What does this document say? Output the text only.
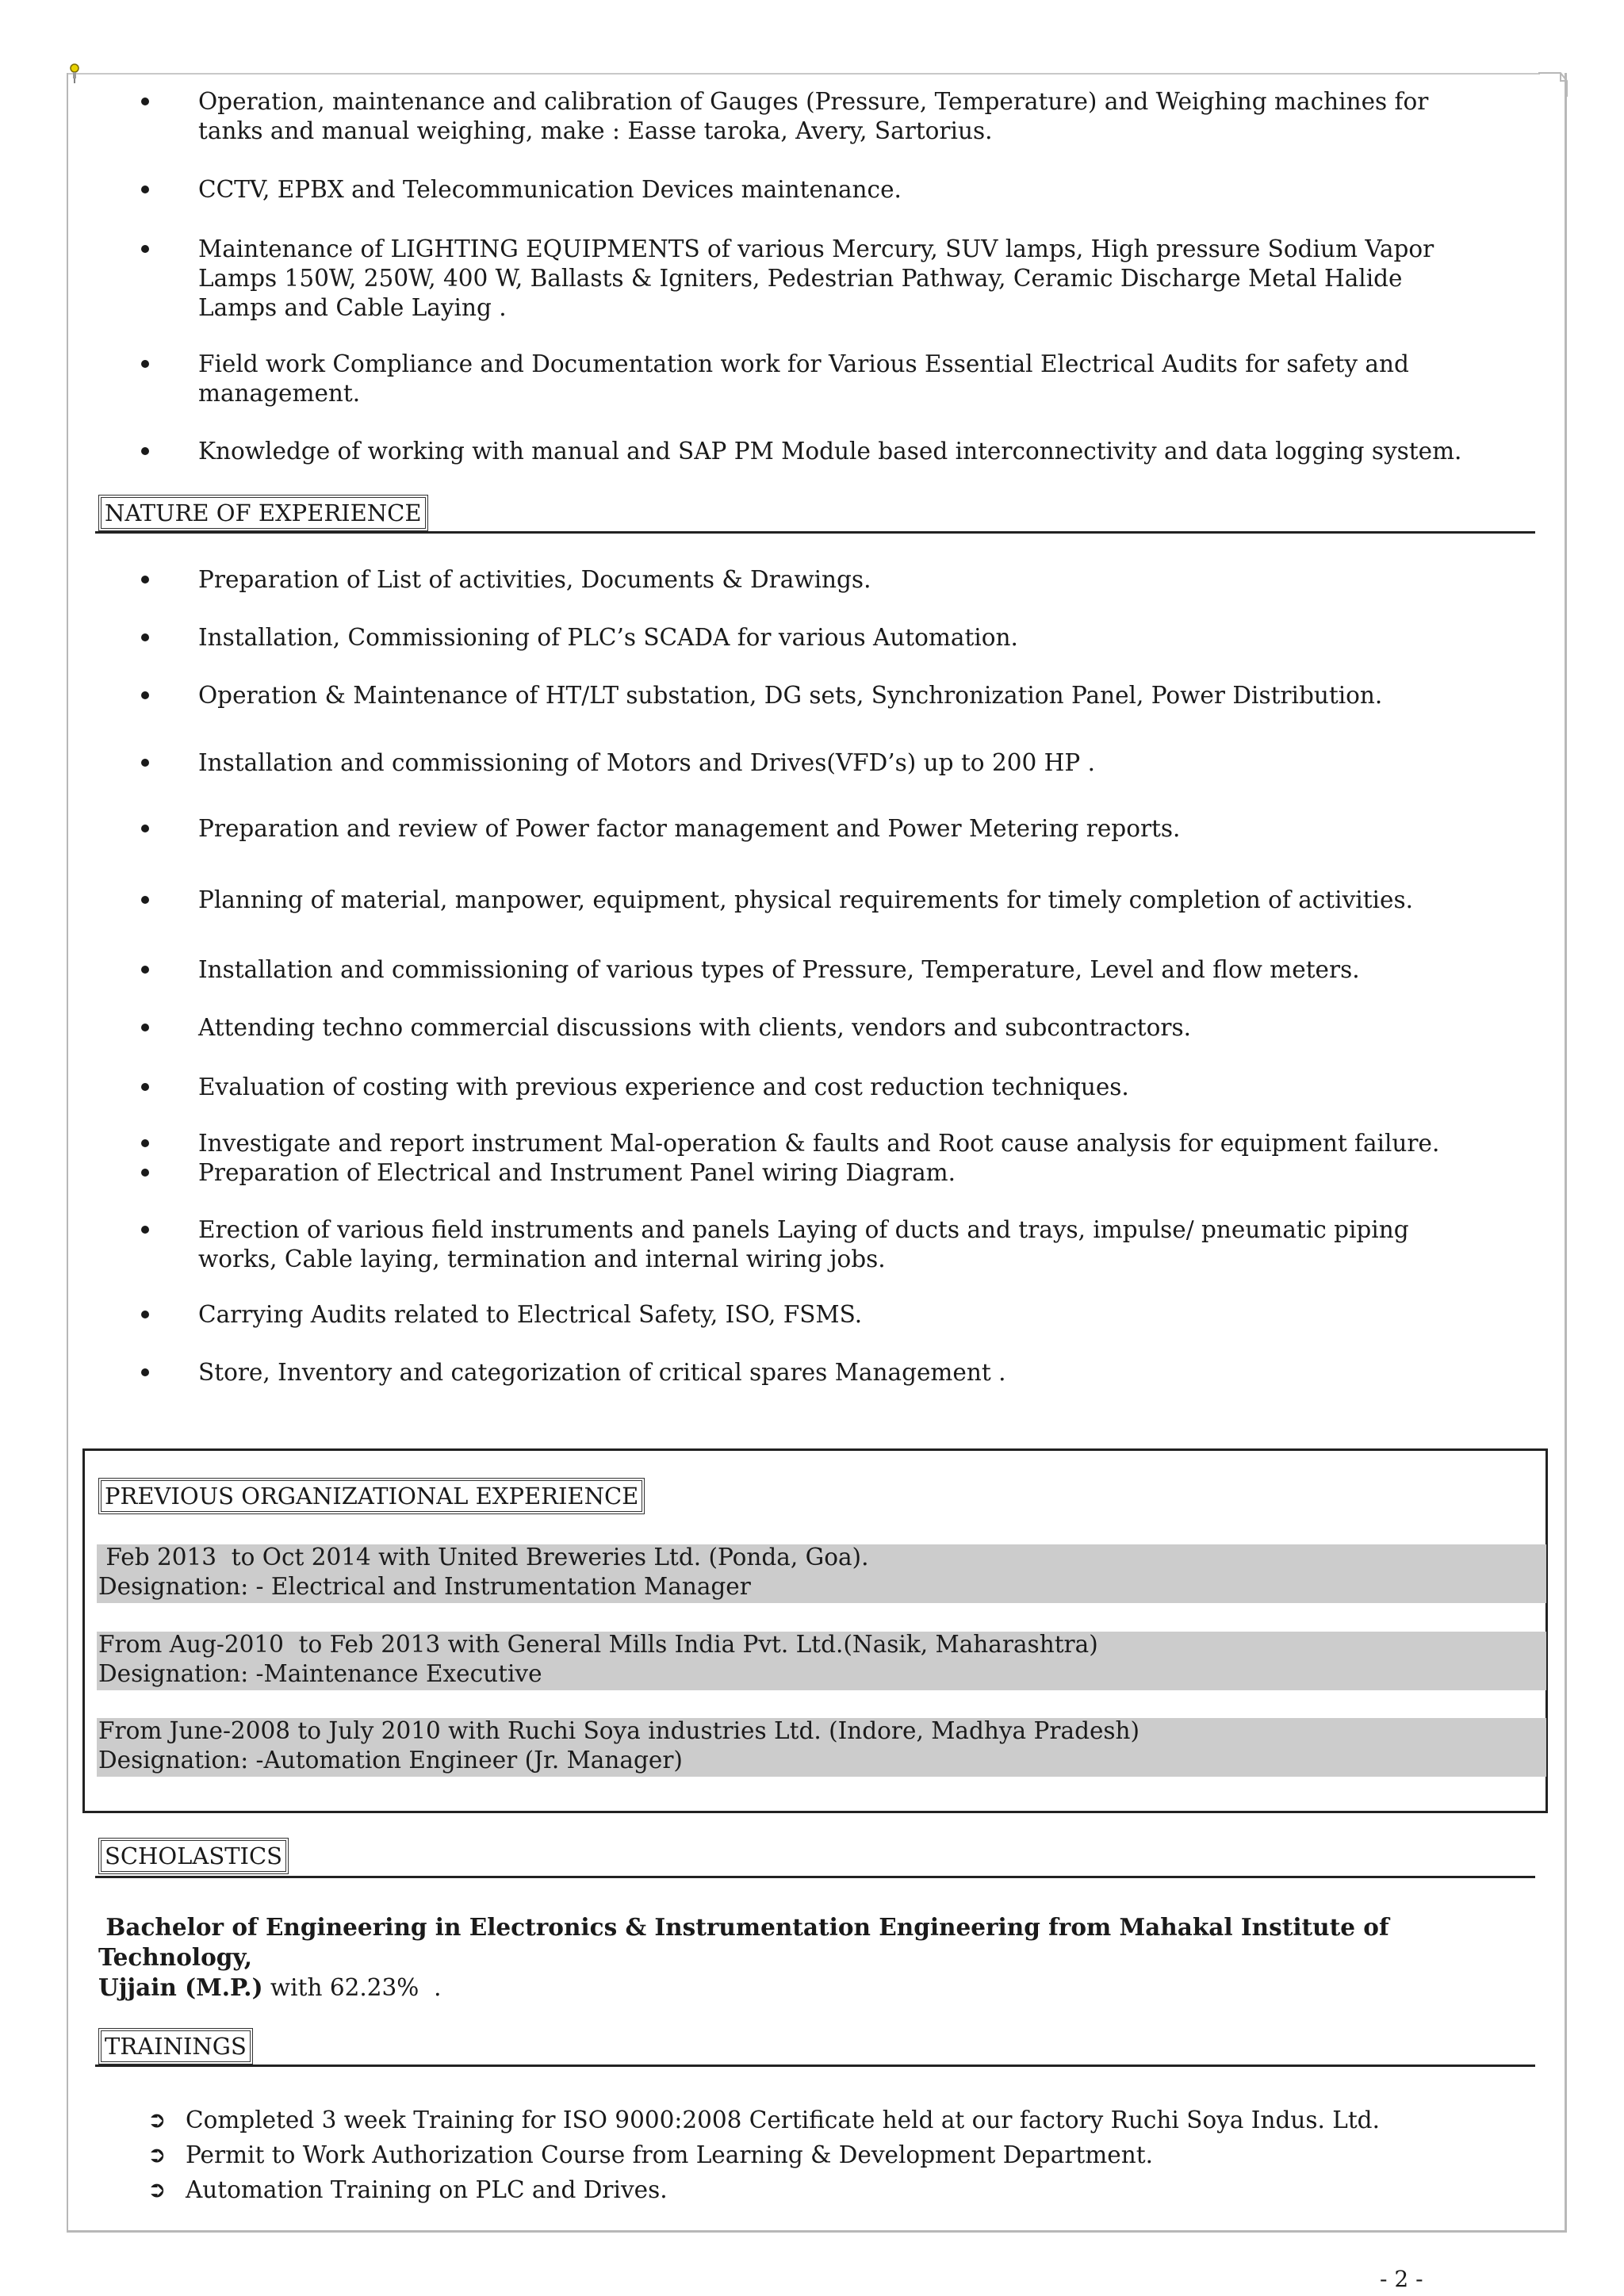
Operation, maintenance and calibration of Gauges (Pressure, Temperature) and Weighing machines for
tanks and manual weighing, make : Easse taroka, Avery, Sartorius.
CCTV, EPBX and Telecommunication Devices maintenance.
Maintenance of LIGHTING EQUIPMENTS of various Mercury, SUV lamps, High pressure Sodium Vapor
Lamps 150W, 250W, 400 W, Ballasts & Igniters, Pedestrian Pathway, Ceramic Discharge Metal Halide
Lamps and Cable Laying .
Field work Compliance and Documentation work for Various Essential Electrical Audits for safety and
management.
Knowledge of working with manual and SAP PM Module based interconnectivity and data logging system.
NATURE OF EXPERIENCE
Preparation of List of activities, Documents & Drawings.
Installation, Commissioning of PLC’s SCADA for various Automation.
Operation & Maintenance of HT/LT substation, DG sets, Synchronization Panel, Power Distribution.
Installation and commissioning of Motors and Drives(VFD’s) up to 200 HP .
Preparation and review of Power factor management and Power Metering reports.
Planning of material, manpower, equipment, physical requirements for timely completion of activities.
Installation and commissioning of various types of Pressure, Temperature, Level and flow meters.
Attending techno commercial discussions with clients, vendors and subcontractors.
Evaluation of costing with previous experience and cost reduction techniques.
Investigate and report instrument Mal-operation & faults and Root cause analysis for equipment failure.
Preparation of Electrical and Instrument Panel wiring Diagram.
Erection of various field instruments and panels Laying of ducts and trays, impulse/ pneumatic piping
works, Cable laying, termination and internal wiring jobs.
Carrying Audits related to Electrical Safety, ISO, FSMS.
Store, Inventory and categorization of critical spares Management .
PREVIOUS ORGANIZATIONAL EXPERIENCE
Feb 2013  to Oct 2014 with United Breweries Ltd. (Ponda, Goa).
Designation: - Electrical and Instrumentation Manager
From Aug-2010  to Feb 2013 with General Mills India Pvt. Ltd.(Nasik, Maharashtra)
Designation: -Maintenance Executive
From June-2008 to July 2010 with Ruchi Soya industries Ltd. (Indore, Madhya Pradesh)
Designation: -Automation Engineer (Jr. Manager)
SCHOLASTICS
Bachelor of Engineering in Electronics & Instrumentation Engineering from Mahakal Institute of Technology,
Ujjain (M.P.) with 62.23%  .
TRAININGS
➲ Completed 3 week Training for ISO 9000:2008 Certificate held at our factory Ruchi Soya Indus. Ltd.
➲ Permit to Work Authorization Course from Learning & Development Department.
➲ Automation Training on PLC and Drives.
- 2 -
